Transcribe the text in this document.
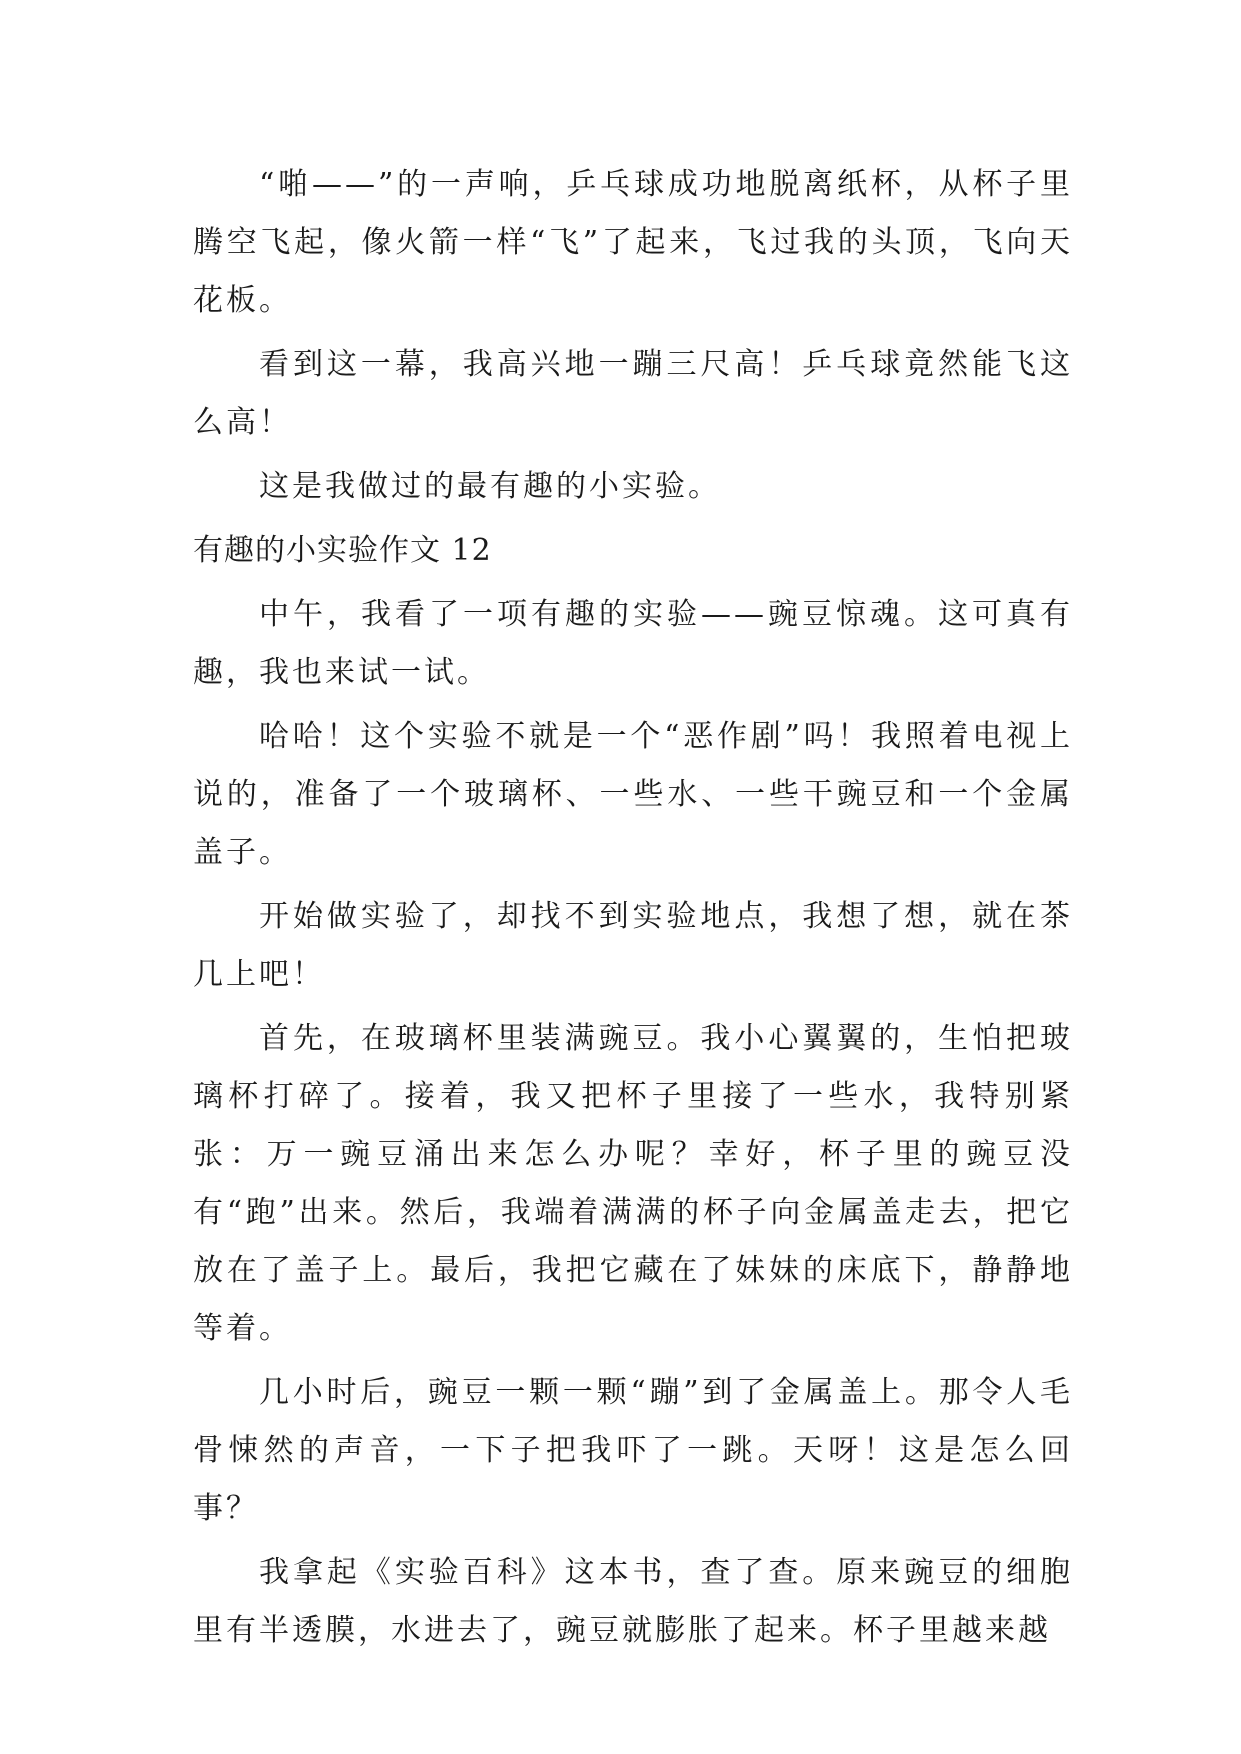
“啪——”的一声响，乒乓球成功地脱离纸杯，从杯子里腾空飞起，像火箭一样“飞”了起来，飞过我的头顶，飞向天花板。

看到这一幕，我高兴地一蹦三尺高！乒乓球竟然能飞这么高！

这是我做过的最有趣的小实验。

有趣的小实验作文 12

中午，我看了一项有趣的实验——豌豆惊魂。这可真有趣，我也来试一试。

哈哈！这个实验不就是一个“恶作剧”吗！我照着电视上说的，准备了一个玻璃杯、一些水、一些干豌豆和一个金属盖子。

开始做实验了，却找不到实验地点，我想了想，就在茶几上吧！

首先，在玻璃杯里装满豌豆。我小心翼翼的，生怕把玻璃杯打碎了。接着，我又把杯子里接了一些水，我特别紧张：万一豌豆涌出来怎么办呢？幸好，杯子里的豌豆没有“跑”出来。然后，我端着满满的杯子向金属盖走去，把它放在了盖子上。最后，我把它藏在了妹妹的床底下，静静地等着。

几小时后，豌豆一颗一颗“蹦”到了金属盖上。那令人毛骨悚然的声音，一下子把我吓了一跳。天呀！这是怎么回事？

我拿起《实验百科》这本书，查了查。原来豌豆的细胞里有半透膜，水进去了，豌豆就膨胀了起来。杯子里越来越
